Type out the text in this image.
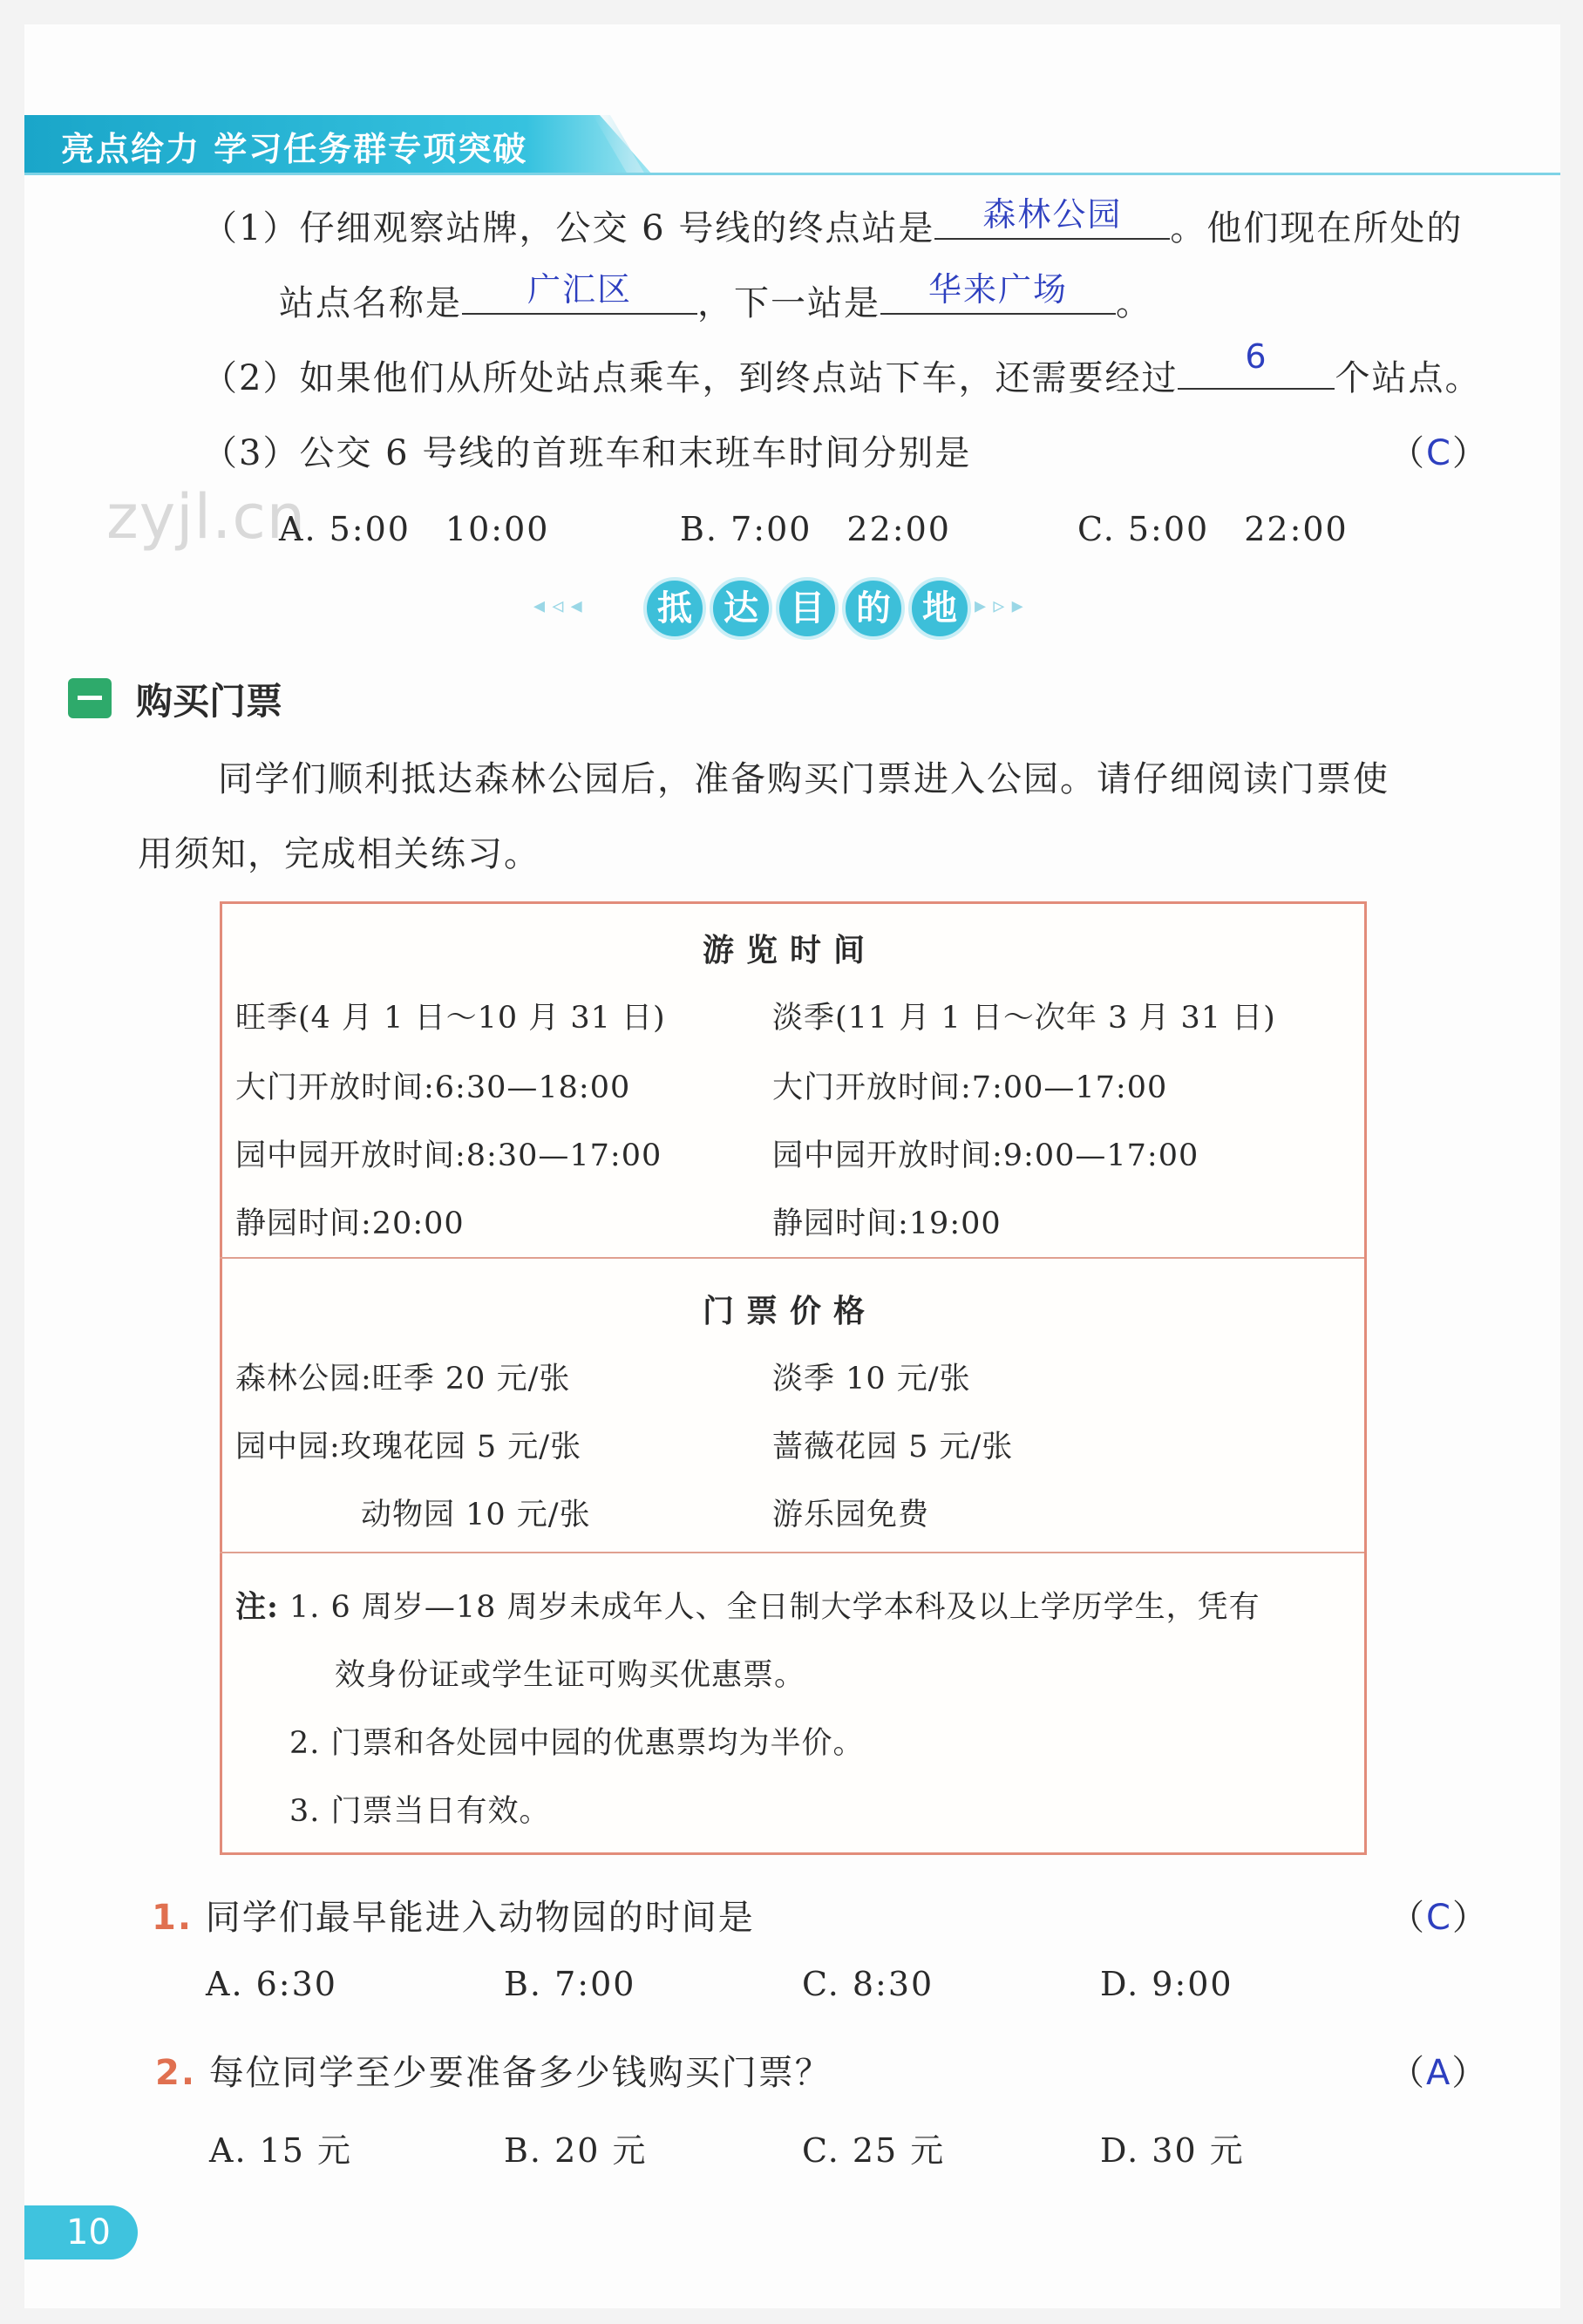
亮点给力 学习任务群专项突破
（1）仔细观察站牌，公交 6 号线的终点站是	森林公园	。他们现在所处的
站点名称是	广汇区	，下一站是	华来广场	。
（2）如果他们从所处站点乘车，到终点站下车，还需要经过
6
个站点。
（3）公交 6 号线的首班车和末班车时间分别是	（C）
zyjl.cn
A. 5:00　10:00	B. 7:00　22:00	C. 5:00　22:00
◂ ◃ ◂	抵 达 目 的 地 ▸ ▹ ▸
购买门票
同学们顺利抵达森林公园后，准备购买门票进入公园。请仔细阅读门票使
用须知，完成相关练习。
游览时间
旺季(4 月 1 日～10 月 31 日)	淡季(11 月 1 日～次年 3 月 31 日)
大门开放时间:6:30—18:00	大门开放时间:7:00—17:00
园中园开放时间:8:30—17:00	园中园开放时间:9:00—17:00
静园时间:20:00	静园时间:19:00
门票价格
森林公园:旺季 20 元/张	淡季 10 元/张
园中园:玫瑰花园 5 元/张	蔷薇花园 5 元/张
动物园 10 元/张	游乐园免费
注: 1. 6 周岁—18 周岁未成年人、全日制大学本科及以上学历学生，凭有
效身份证或学生证可购买优惠票。
2. 门票和各处园中园的优惠票均为半价。
3. 门票当日有效。
1. 同学们最早能进入动物园的时间是	（C）
A. 6:30	B. 7:00	C. 8:30	D. 9:00
2. 每位同学至少要准备多少钱购买门票？	（A）
A. 15 元	B. 20 元	C. 25 元	D. 30 元
10
